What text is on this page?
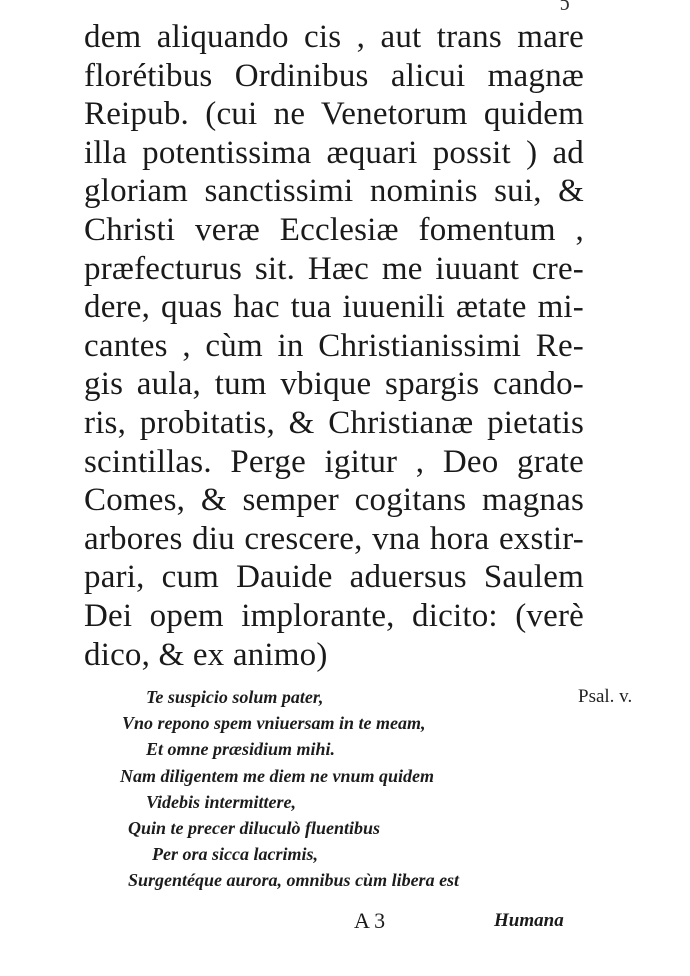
ɔ
dem aliquando cis , aut trans mare
florétibus Ordinibus alicui magnæ
Reipub. (cui ne Venetorum quidem
illa potentissima æquari possit ) ad
gloriam sanctissimi nominis sui, &
Christi veræ Ecclesiæ fomentum ,
præfecturus sit. Hæc me iuuant cre-
dere, quas hac tua iuuenili ætate mi-
cantes , cùm in Christianissimi Re-
gis aula, tum vbique spargis cando-
ris, probitatis, & Christianæ pietatis
scintillas. Perge igitur , Deo grate
Comes, & semper cogitans magnas
arbores diu crescere, vna hora exstir-
pari, cum Dauide aduersus Saulem
Dei opem implorante, dicito: (verè
dico, & ex animo)
Te suspicio solum pater,
Vno repono spem vniuersam in te meam,
Et omne præsidium mihi.
Nam diligentem me diem ne vnum quidem
Videbis intermittere,
Quin te precer diluculò fluentibus
Per ora sicca lacrimis,
Surgentéque aurora, omnibus cùm libera est
Psal. v.
A 3	Humana
